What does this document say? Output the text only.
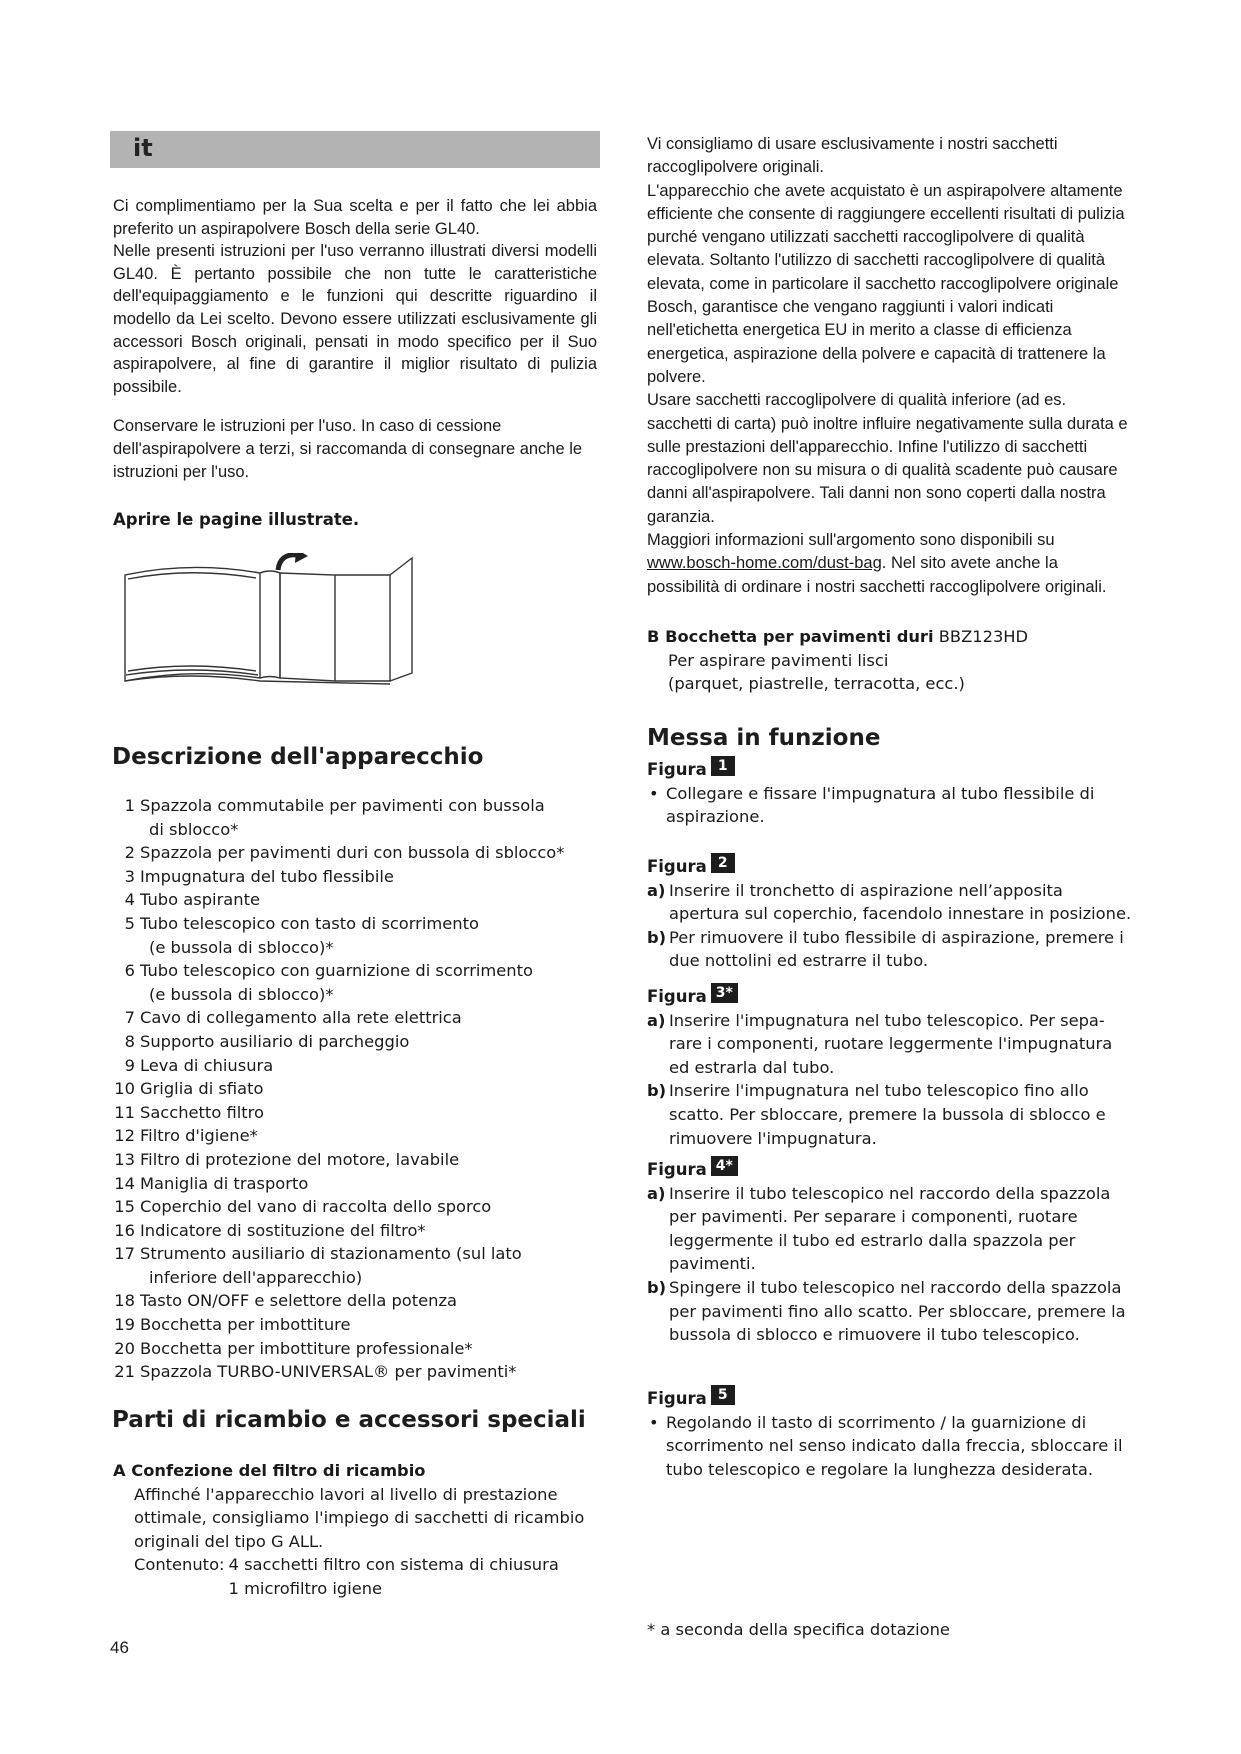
it

Ci complimentiamo per la Sua scelta e per il fatto che lei abbia preferito un aspirapolvere Bosch della serie GL40.

Nelle presenti istruzioni per l'uso verranno illustrati diversi modelli GL40. È pertanto possibile che non tutte le caratteristiche dell'equipaggiamento e le funzioni qui descritte riguardino il modello da Lei scelto. Devono essere utilizzati esclusivamente gli accessori Bosch originali, pensati in modo specifico per il Suo aspirapolvere, al fine di garantire il miglior risultato di pulizia possibile.

Conservare le istruzioni per l'uso. In caso di cessione dell'aspirapolvere a terzi, si raccomanda di consegnare anche le istruzioni per l'uso.

Aprire le pagine illustrate.
Descrizione dell'apparecchio
1 Spazzola commutabile per pavimenti con bussola
di sblocco*
2 Spazzola per pavimenti duri con bussola di sblocco*
3 Impugnatura del tubo flessibile
4 Tubo aspirante
5 Tubo telescopico con tasto di scorrimento
(e bussola di sblocco)*
6 Tubo telescopico con guarnizione di scorrimento
(e bussola di sblocco)*
7 Cavo di collegamento alla rete elettrica
8 Supporto ausiliario di parcheggio
9 Leva di chiusura
10 Griglia di sfiato
11 Sacchetto filtro
12 Filtro d'igiene*
13 Filtro di protezione del motore, lavabile
14 Maniglia di trasporto
15 Coperchio del vano di raccolta dello sporco
16 Indicatore di sostituzione del filtro*
17 Strumento ausiliario di stazionamento (sul lato
inferiore dell'apparecchio)
18 Tasto ON/OFF e selettore della potenza
19 Bocchetta per imbottiture
20 Bocchetta per imbottiture professionale*
21 Spazzola TURBO-UNIVERSAL® per pavimenti*
Parti di ricambio e accessori speciali
A Confezione del filtro di ricambio
Affinché l'apparecchio lavori al livello di prestazione ottimale, consigliamo l'impiego di sacchetti di ricambio originali del tipo G ALL.
Contenuto: 4 sacchetti filtro con sistema di chiusura
1 microfiltro igiene
46
Vi consigliamo di usare esclusivamente i nostri sacchetti raccoglipolvere originali.
L'apparecchio che avete acquistato è un aspirapolvere altamente efficiente che consente di raggiungere eccellenti risultati di pulizia purché vengano utilizzati sacchetti raccoglipolvere di qualità elevata. Soltanto l'utilizzo di sacchetti raccoglipolvere di qualità elevata, come in particolare il sacchetto raccoglipolvere originale Bosch, garantisce che vengano raggiunti i valori indicati nell'etichetta energetica EU in merito a classe di efficienza energetica, aspirazione della polvere e capacità di trattenere la polvere.
Usare sacchetti raccoglipolvere di qualità inferiore (ad es. sacchetti di carta) può inoltre influire negativamente sulla durata e sulle prestazioni dell'apparecchio. Infine l'utilizzo di sacchetti raccoglipolvere non su misura o di qualità scadente può causare danni all'aspirapolvere. Tali danni non sono coperti dalla nostra garanzia.
Maggiori informazioni sull'argomento sono disponibili su www.bosch-home.com/dust-bag. Nel sito avete anche la possibilità di ordinare i nostri sacchetti raccoglipolvere originali.
B Bocchetta per pavimenti duri BBZ123HD
Per aspirare pavimenti lisci
(parquet, piastrelle, terracotta, ecc.)
Messa in funzione
Figura 1
• Collegare e fissare l'impugnatura al tubo flessibile di aspirazione.
Figura 2
a) Inserire il tronchetto di aspirazione nell’apposita apertura sul coperchio, facendolo innestare in posizione.
b) Per rimuovere il tubo flessibile di aspirazione, premere i due nottolini ed estrarre il tubo.
Figura 3*
a) Inserire l'impugnatura nel tubo telescopico. Per sepa-rare i componenti, ruotare leggermente l'impugnatura ed estrarla dal tubo.
b) Inserire l'impugnatura nel tubo telescopico fino allo scatto. Per sbloccare, premere la bussola di sblocco e rimuovere l'impugnatura.
Figura 4*
a) Inserire il tubo telescopico nel raccordo della spazzola per pavimenti. Per separare i componenti, ruotare leggermente il tubo ed estrarlo dalla spazzola per pavimenti.
b) Spingere il tubo telescopico nel raccordo della spazzola per pavimenti fino allo scatto. Per sbloccare, premere la bussola di sblocco e rimuovere il tubo telescopico.
Figura 5
• Regolando il tasto di scorrimento / la guarnizione di scorrimento nel senso indicato dalla freccia, sbloccare il tubo telescopico e regolare la lunghezza desiderata.
* a seconda della specifica dotazione
